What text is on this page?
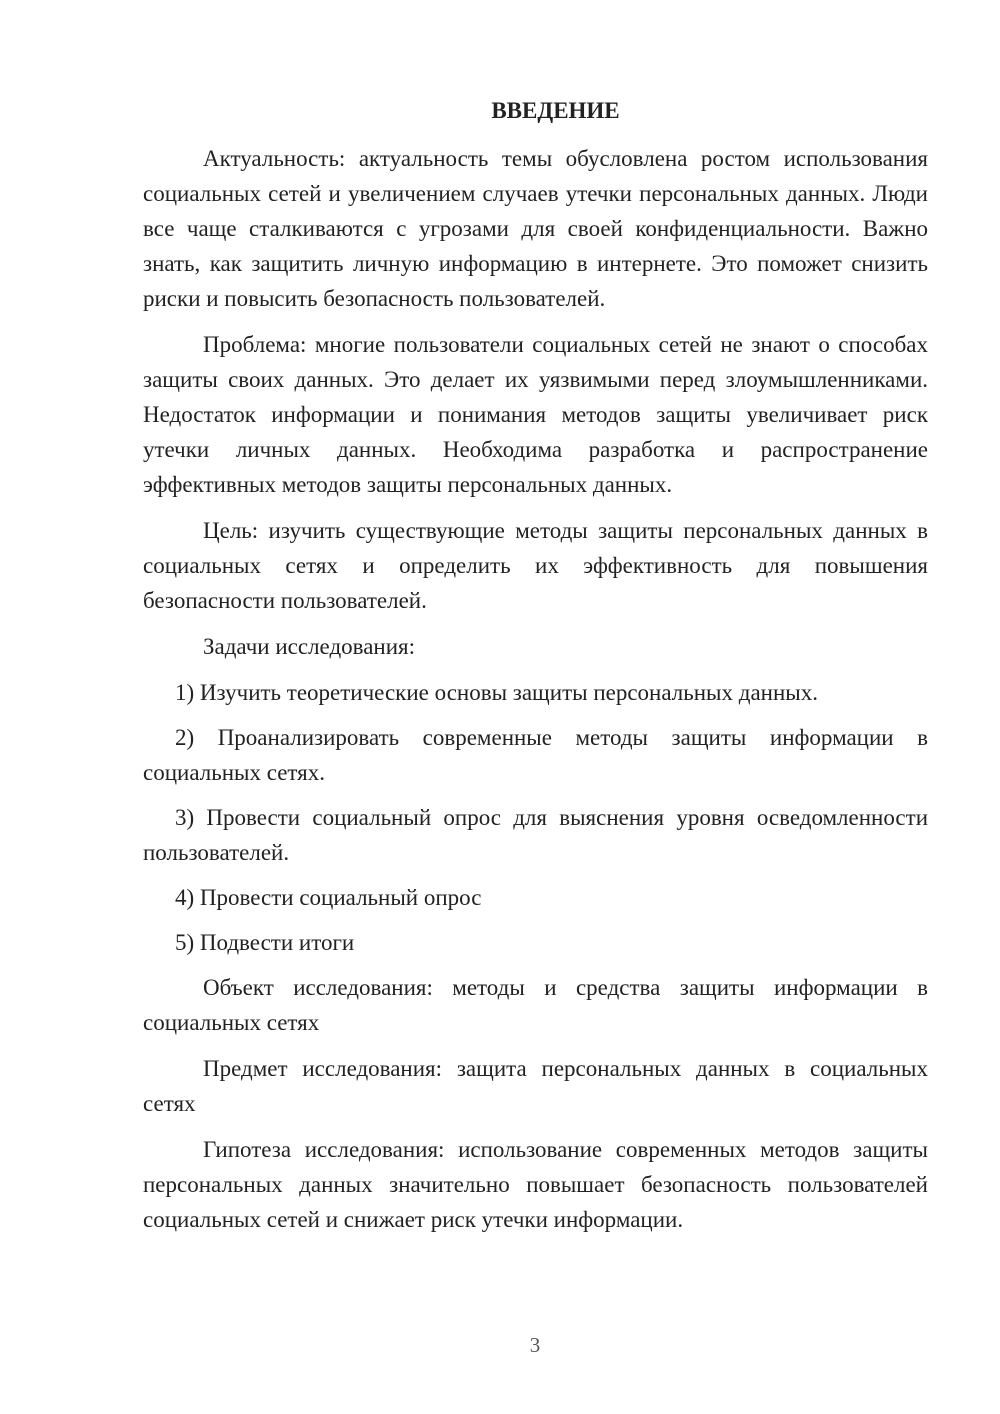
ВВЕДЕНИЕ

Актуальность: актуальность темы обусловлена ростом использования социальных сетей и увеличением случаев утечки персональных данных. Люди все чаще сталкиваются с угрозами для своей конфиденциальности. Важно знать, как защитить личную информацию в интернете. Это поможет снизить риски и повысить безопасность пользователей.

Проблема: многие пользователи социальных сетей не знают о способах защиты своих данных. Это делает их уязвимыми перед злоумышленниками. Недостаток информации и понимания методов защиты увеличивает риск утечки личных данных. Необходима разработка и распространение эффективных методов защиты персональных данных.

Цель: изучить существующие методы защиты персональных данных в социальных сетях и определить их эффективность для повышения безопасности пользователей.

Задачи исследования:

1) Изучить теоретические основы защиты персональных данных.

2) Проанализировать современные методы защиты информации в социальных сетях.

3) Провести социальный опрос для выяснения уровня осведомленности пользователей.

4) Провести социальный опрос

5) Подвести итоги

Объект исследования: методы и средства защиты информации в социальных сетях

Предмет исследования: защита персональных данных в социальных сетях

Гипотеза исследования: использование современных методов защиты персональных данных значительно повышает безопасность пользователей социальных сетей и снижает риск утечки информации.

3
